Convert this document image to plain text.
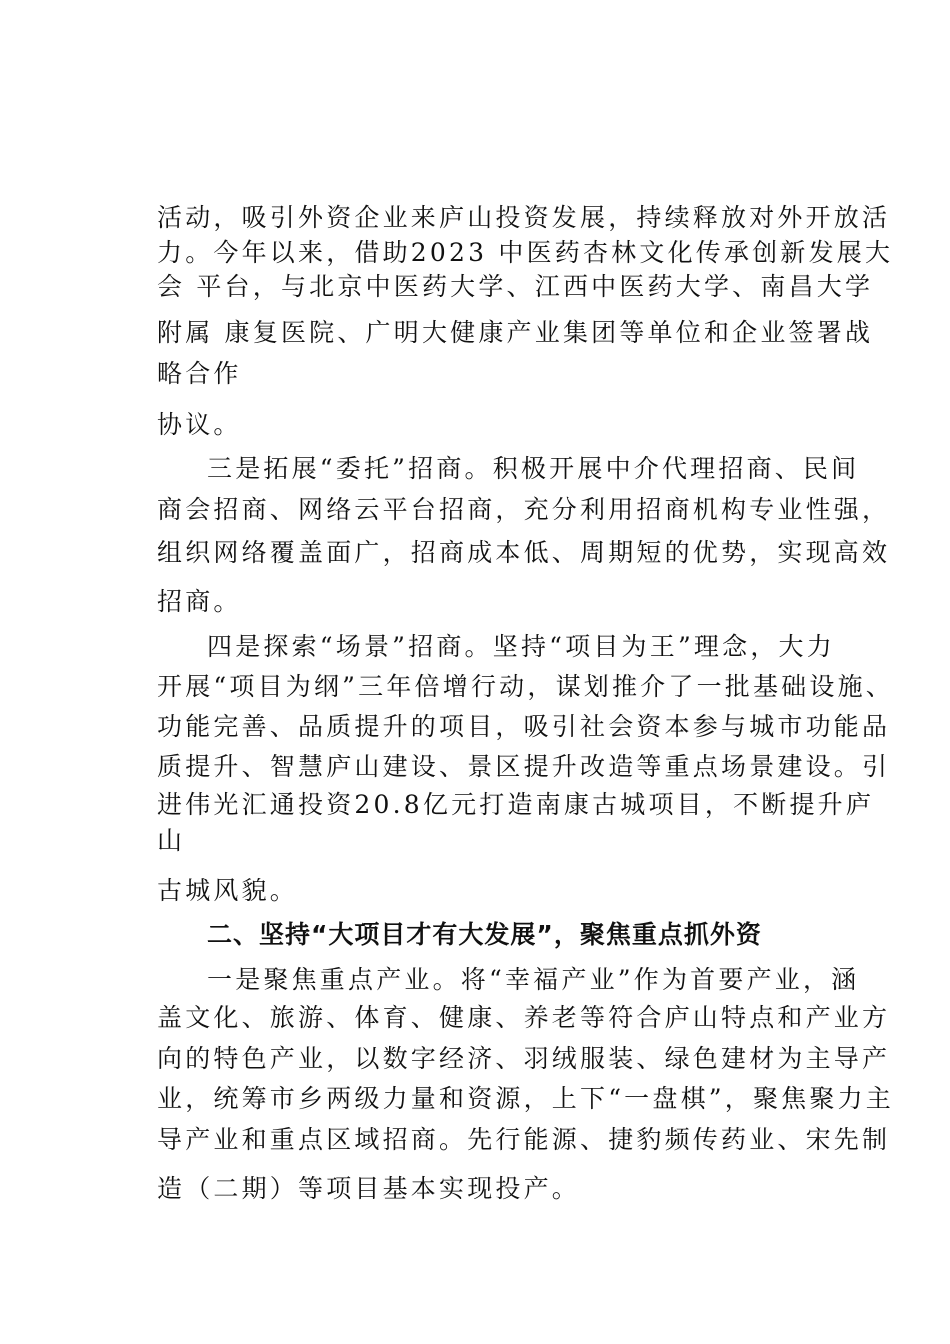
活动，吸引外资企业来庐山投资发展，持续释放对外开放活
力。今年以来，借助2023 中医药杏林文化传承创新发展大
会 平台，与北京中医药大学、江西中医药大学、南昌大学
附属 康复医院、广明大健康产业集团等单位和企业签署战
略合作
协议。
三是拓展“委托”招商。积极开展中介代理招商、民间
商会招商、网络云平台招商，充分利用招商机构专业性强，
组织网络覆盖面广，招商成本低、周期短的优势，实现高效
招商。
四是探索“场景”招商。坚持“项目为王”理念，大力
开展“项目为纲”三年倍增行动，谋划推介了一批基础设施、
功能完善、品质提升的项目，吸引社会资本参与城市功能品
质提升、智慧庐山建设、景区提升改造等重点场景建设。引
进伟光汇通投资20.8亿元打造南康古城项目，不断提升庐
山
古城风貌。
二、坚持“大项目才有大发展”，聚焦重点抓外资
一是聚焦重点产业。将“幸福产业”作为首要产业，涵
盖文化、旅游、体育、健康、养老等符合庐山特点和产业方
向的特色产业，以数字经济、羽绒服装、绿色建材为主导产
业，统筹市乡两级力量和资源，上下“一盘棋”，聚焦聚力主
导产业和重点区域招商。先行能源、捷豹频传药业、宋先制
造（二期）等项目基本实现投产。
